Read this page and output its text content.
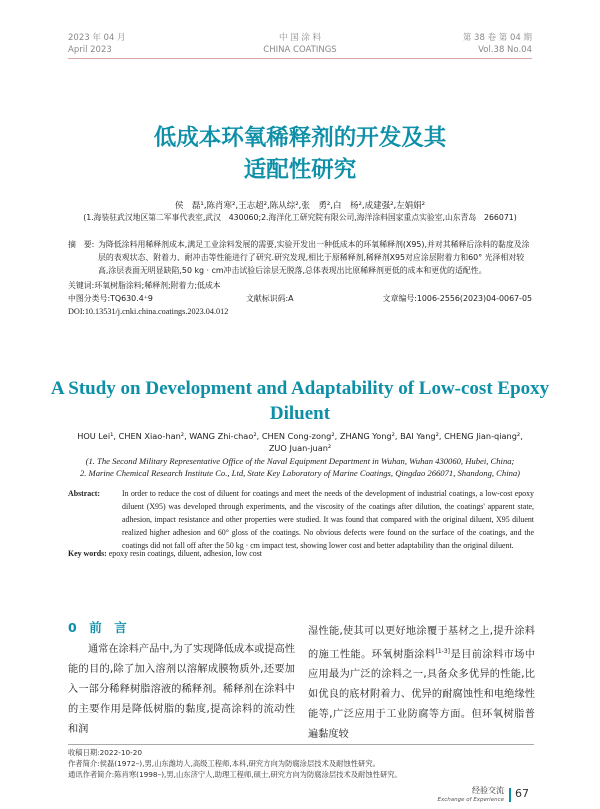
2023 年 04 月
April 2023
中 国 涂 料
CHINA COATINGS
第 38 卷 第 04 期
Vol.38 No.04
低成本环氧稀释剂的开发及其
适配性研究
侯　磊¹,陈肖寒²,王志超²,陈从综²,张　勇²,白　杨²,成建强²,左娟娟²
(1.海装驻武汉地区第二军事代表室,武汉　430060;2.海洋化工研究院有限公司,海洋涂料国家重点实验室,山东青岛　266071)
摘　要: 为降低涂料用稀释剂成本,满足工业涂料发展的需要,实验开发出一种低成本的环氧稀释剂(X95),并对其稀释后涂料的黏度及涂层的表观状态、附着力、耐冲击等性能进行了研究.研究发现,相比于原稀释剂,稀释剂X95对应涂层附着力和60° 光泽相对较高,涂层表面无明显缺陷,50 kg · cm冲击试验后涂层无脱落,总体表现出比原稀释剂更低的成本和更优的适配性。
关键词:环氧树脂涂料;稀释剂;附着力;低成本
中图分类号:TQ630.4⁺9	文献标识码:A	文章编号:1006-2556(2023)04-0067-05
DOI:10.13531/j.cnki.china.coatings.2023.04.012
A Study on Development and Adaptability of Low-cost Epoxy
Diluent
HOU Lei¹, CHEN Xiao-han², WANG Zhi-chao², CHEN Cong-zong², ZHANG Yong², BAI Yang², CHENG Jian-qiang²,
ZUO Juan-juan²
(1. The Second Military Representative Office of the Naval Equipment Department in Wuhan, Wuhan 430060, Hubei, China;
2. Marine Chemical Research Institute Co., Ltd, State Key Laboratory of Marine Coatings, Qingdao 266071, Shandong, China)
Abstract:	In order to reduce the cost of diluent for coatings and meet the needs of the development of industrial coatings, a low-cost epoxy diluent (X95) was developed through experiments, and the viscosity of the coatings after dilution, the coatings' apparent state, adhesion, impact resistance and other properties were studied. It was found that compared with the original diluent, X95 diluent realized higher adhesion and 60° gloss of the coatings. No obvious defects were found on the surface of the coatings, and the coatings did not fall off after the 50 kg · cm impact test, showing lower cost and better adaptability than the original diluent.
Key words: epoxy resin coatings, diluent, adhesion, low cost
0　前　言
通常在涂料产品中,为了实现降低成本或提高性能的目的,除了加入溶剂以溶解成膜物质外,还要加入一部分稀释树脂溶液的稀释剂。稀释剂在涂料中的主要作用是降低树脂的黏度,提高涂料的流动性和润
湿性能,使其可以更好地涂覆于基材之上,提升涂料的施工性能。环氧树脂涂料[1-3]是目前涂料市场中应用最为广泛的涂料之一,具备众多优异的性能,比如优良的底材附着力、优异的耐腐蚀性和电绝缘性能等,广泛应用于工业防腐等方面。但环氧树脂普遍黏度较
收稿日期:2022-10-20
作者简介:侯磊(1972–),男,山东潍坊人,高级工程师,本科,研究方向为防腐涂层技术及耐蚀性研究。
通讯作者简介:陈肖寒(1998–),男,山东济宁人,助理工程师,硕士,研究方向为防腐涂层技术及耐蚀性研究。
经验交流
Exchange of Experience 67
